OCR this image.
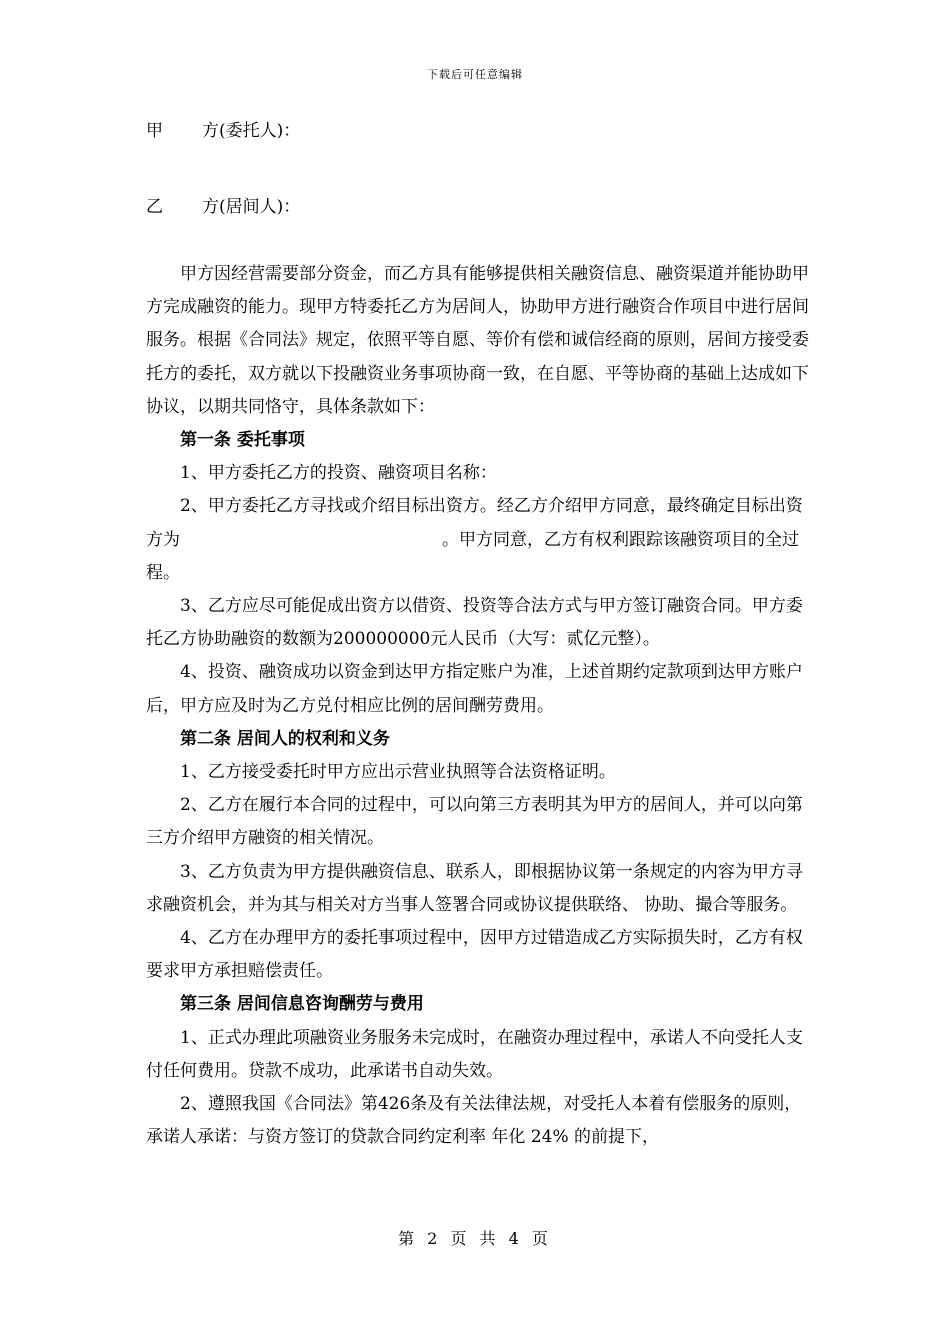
下载后可任意编辑
甲 方(委托人)：
乙 方(居间人)：

甲方因经营需要部分资金，而乙方具有能够提供相关融资信息、融资渠道并能协助甲方完成融资的能力。现甲方特委托乙方为居间人，协助甲方进行融资合作项目中进行居间服务。根据《合同法》规定，依照平等自愿、等价有偿和诚信经商的原则，居间方接受委托方的委托，双方就以下投融资业务事项协商一致，在自愿、平等协商的基础上达成如下协议，以期共同恪守，具体条款如下：

第一条 委托事项

1、甲方委托乙方的投资、融资项目名称：

2、甲方委托乙方寻找或介绍目标出资方。经乙方介绍甲方同意，最终确定目标出资方为	。甲方同意，乙方有权利跟踪该融资项目的全过程。

3、乙方应尽可能促成出资方以借资、投资等合法方式与甲方签订融资合同。甲方委托乙方协助融资的数额为200000000元人民币（大写：贰亿元整）。

4、投资、融资成功以资金到达甲方指定账户为准，上述首期约定款项到达甲方账户后，甲方应及时为乙方兑付相应比例的居间酬劳费用。

第二条 居间人的权利和义务

1、乙方接受委托时甲方应出示营业执照等合法资格证明。

2、乙方在履行本合同的过程中，可以向第三方表明其为甲方的居间人，并可以向第三方介绍甲方融资的相关情况。

3、乙方负责为甲方提供融资信息、联系人，即根据协议第一条规定的内容为甲方寻求融资机会，并为其与相关对方当事人签署合同或协议提供联络、 协助、撮合等服务。

4、乙方在办理甲方的委托事项过程中，因甲方过错造成乙方实际损失时，乙方有权要求甲方承担赔偿责任。

第三条 居间信息咨询酬劳与费用

1、正式办理此项融资业务服务未完成时，在融资办理过程中，承诺人不向受托人支付任何费用。贷款不成功，此承诺书自动失效。

2、遵照我国《合同法》第426条及有关法律法规，对受托人本着有偿服务的原则，承诺人承诺：与资方签订的贷款合同约定利率 年化 24% 的前提下，

第 2 页 共 4 页
